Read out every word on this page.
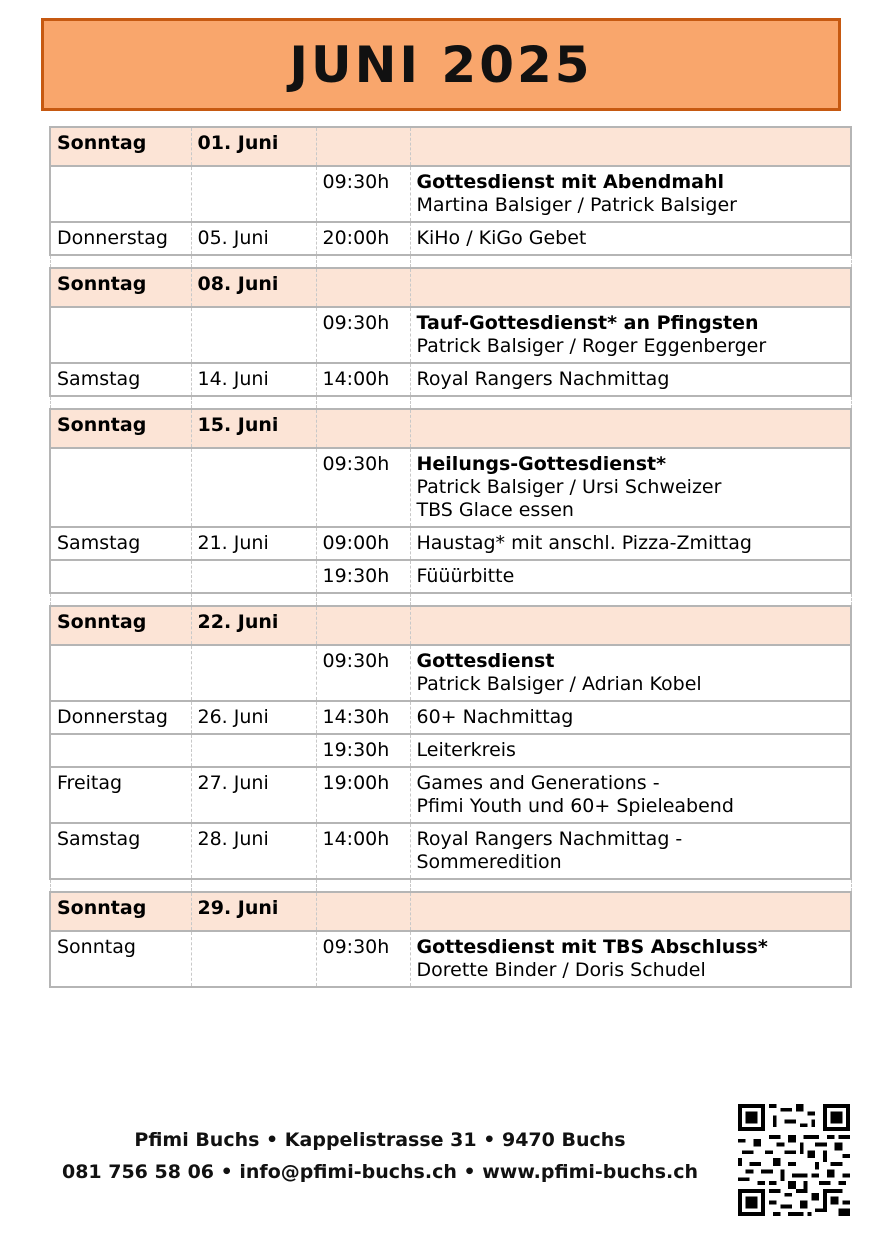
JUNI 2025
Sonntag	01. Juni		
		09:30h	Gottesdienst mit Abendmahl
Martina Balsiger / Patrick Balsiger

Donnerstag	05. Juni	20:00h	KiHo / KiGo Gebet

Sonntag	08. Juni		
		09:30h	Tauf-Gottesdienst* an Pfingsten
Patrick Balsiger / Roger Eggenberger

Samstag	14. Juni	14:00h	Royal Rangers Nachmittag

Sonntag	15. Juni		
		09:30h	Heilungs-Gottesdienst*
Patrick Balsiger / Ursi Schweizer
TBS Glace essen

Samstag	21. Juni	09:00h	Haustag* mit anschl. Pizza-Zmittag

		19:30h	Füüürbitte

Sonntag	22. Juni		
		09:30h	Gottesdienst
Patrick Balsiger / Adrian Kobel

Donnerstag	26. Juni	14:30h	60+ Nachmittag

		19:30h	Leiterkreis

Freitag	27. Juni	19:00h	Games and Generations -
Pfimi Youth und 60+ Spieleabend

Samstag	28. Juni	14:00h	Royal Rangers Nachmittag -
Sommeredition

Sonntag	29. Juni		
Sonntag		09:30h	Gottesdienst mit TBS Abschluss*
Dorette Binder / Doris Schudel
Pfimi Buchs • Kappelistrasse 31 • 9470 Buchs
081 756 58 06 • info@pfimi-buchs.ch • www.pfimi-buchs.ch
